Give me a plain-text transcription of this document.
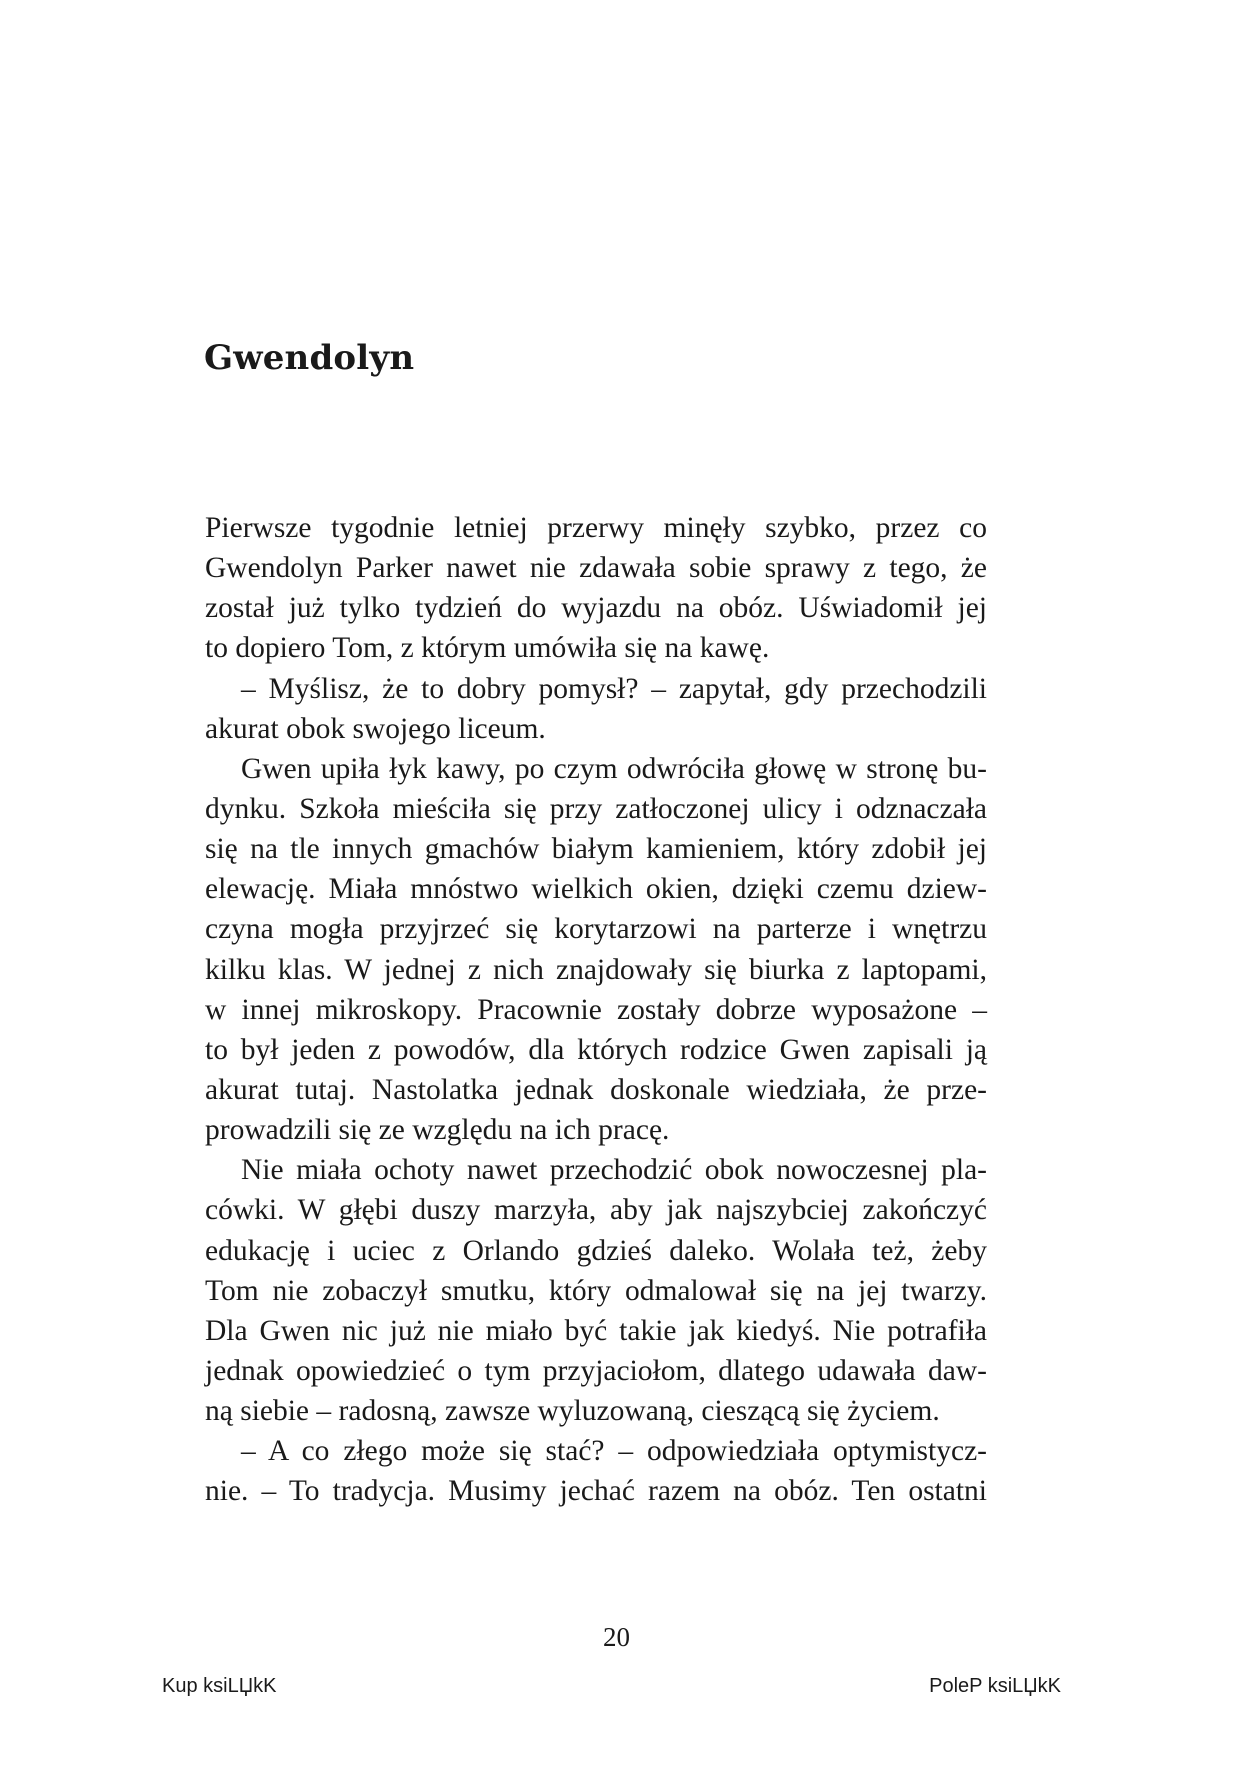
Gwendolyn
Pierwsze tygodnie letniej przerwy minęły szybko, przez co
Gwendolyn Parker nawet nie zdawała sobie sprawy z tego, że
został już tylko tydzień do wyjazdu na obóz. Uświadomił jej
to dopiero Tom, z którym umówiła się na kawę.
– Myślisz, że to dobry pomysł? – zapytał, gdy przechodzili
akurat obok swojego liceum.
Gwen upiła łyk kawy, po czym odwróciła głowę w stronę bu-
dynku. Szkoła mieściła się przy zatłoczonej ulicy i odznaczała
się na tle innych gmachów białym kamieniem, który zdobił jej
elewację. Miała mnóstwo wielkich okien, dzięki czemu dziew-
czyna mogła przyjrzeć się korytarzowi na parterze i wnętrzu
kilku klas. W jednej z nich znajdowały się biurka z laptopami,
w innej mikroskopy. Pracownie zostały dobrze wyposażone –
to był jeden z powodów, dla których rodzice Gwen zapisali ją
akurat tutaj. Nastolatka jednak doskonale wiedziała, że prze-
prowadzili się ze względu na ich pracę.
Nie miała ochoty nawet przechodzić obok nowoczesnej pla-
cówki. W głębi duszy marzyła, aby jak najszybciej zakończyć
edukację i uciec z Orlando gdzieś daleko. Wolała też, żeby
Tom nie zobaczył smutku, który odmalował się na jej twarzy.
Dla Gwen nic już nie miało być takie jak kiedyś. Nie potrafiła
jednak opowiedzieć o tym przyjaciołom, dlatego udawała daw-
ną siebie – radosną, zawsze wyluzowaną, cieszącą się życiem.
– A co złego może się stać? – odpowiedziała optymistycz-
nie. – To tradycja. Musimy jechać razem na obóz. Ten ostatni
20
Kup ksiLЏkK	PoleP ksiLЏkK
